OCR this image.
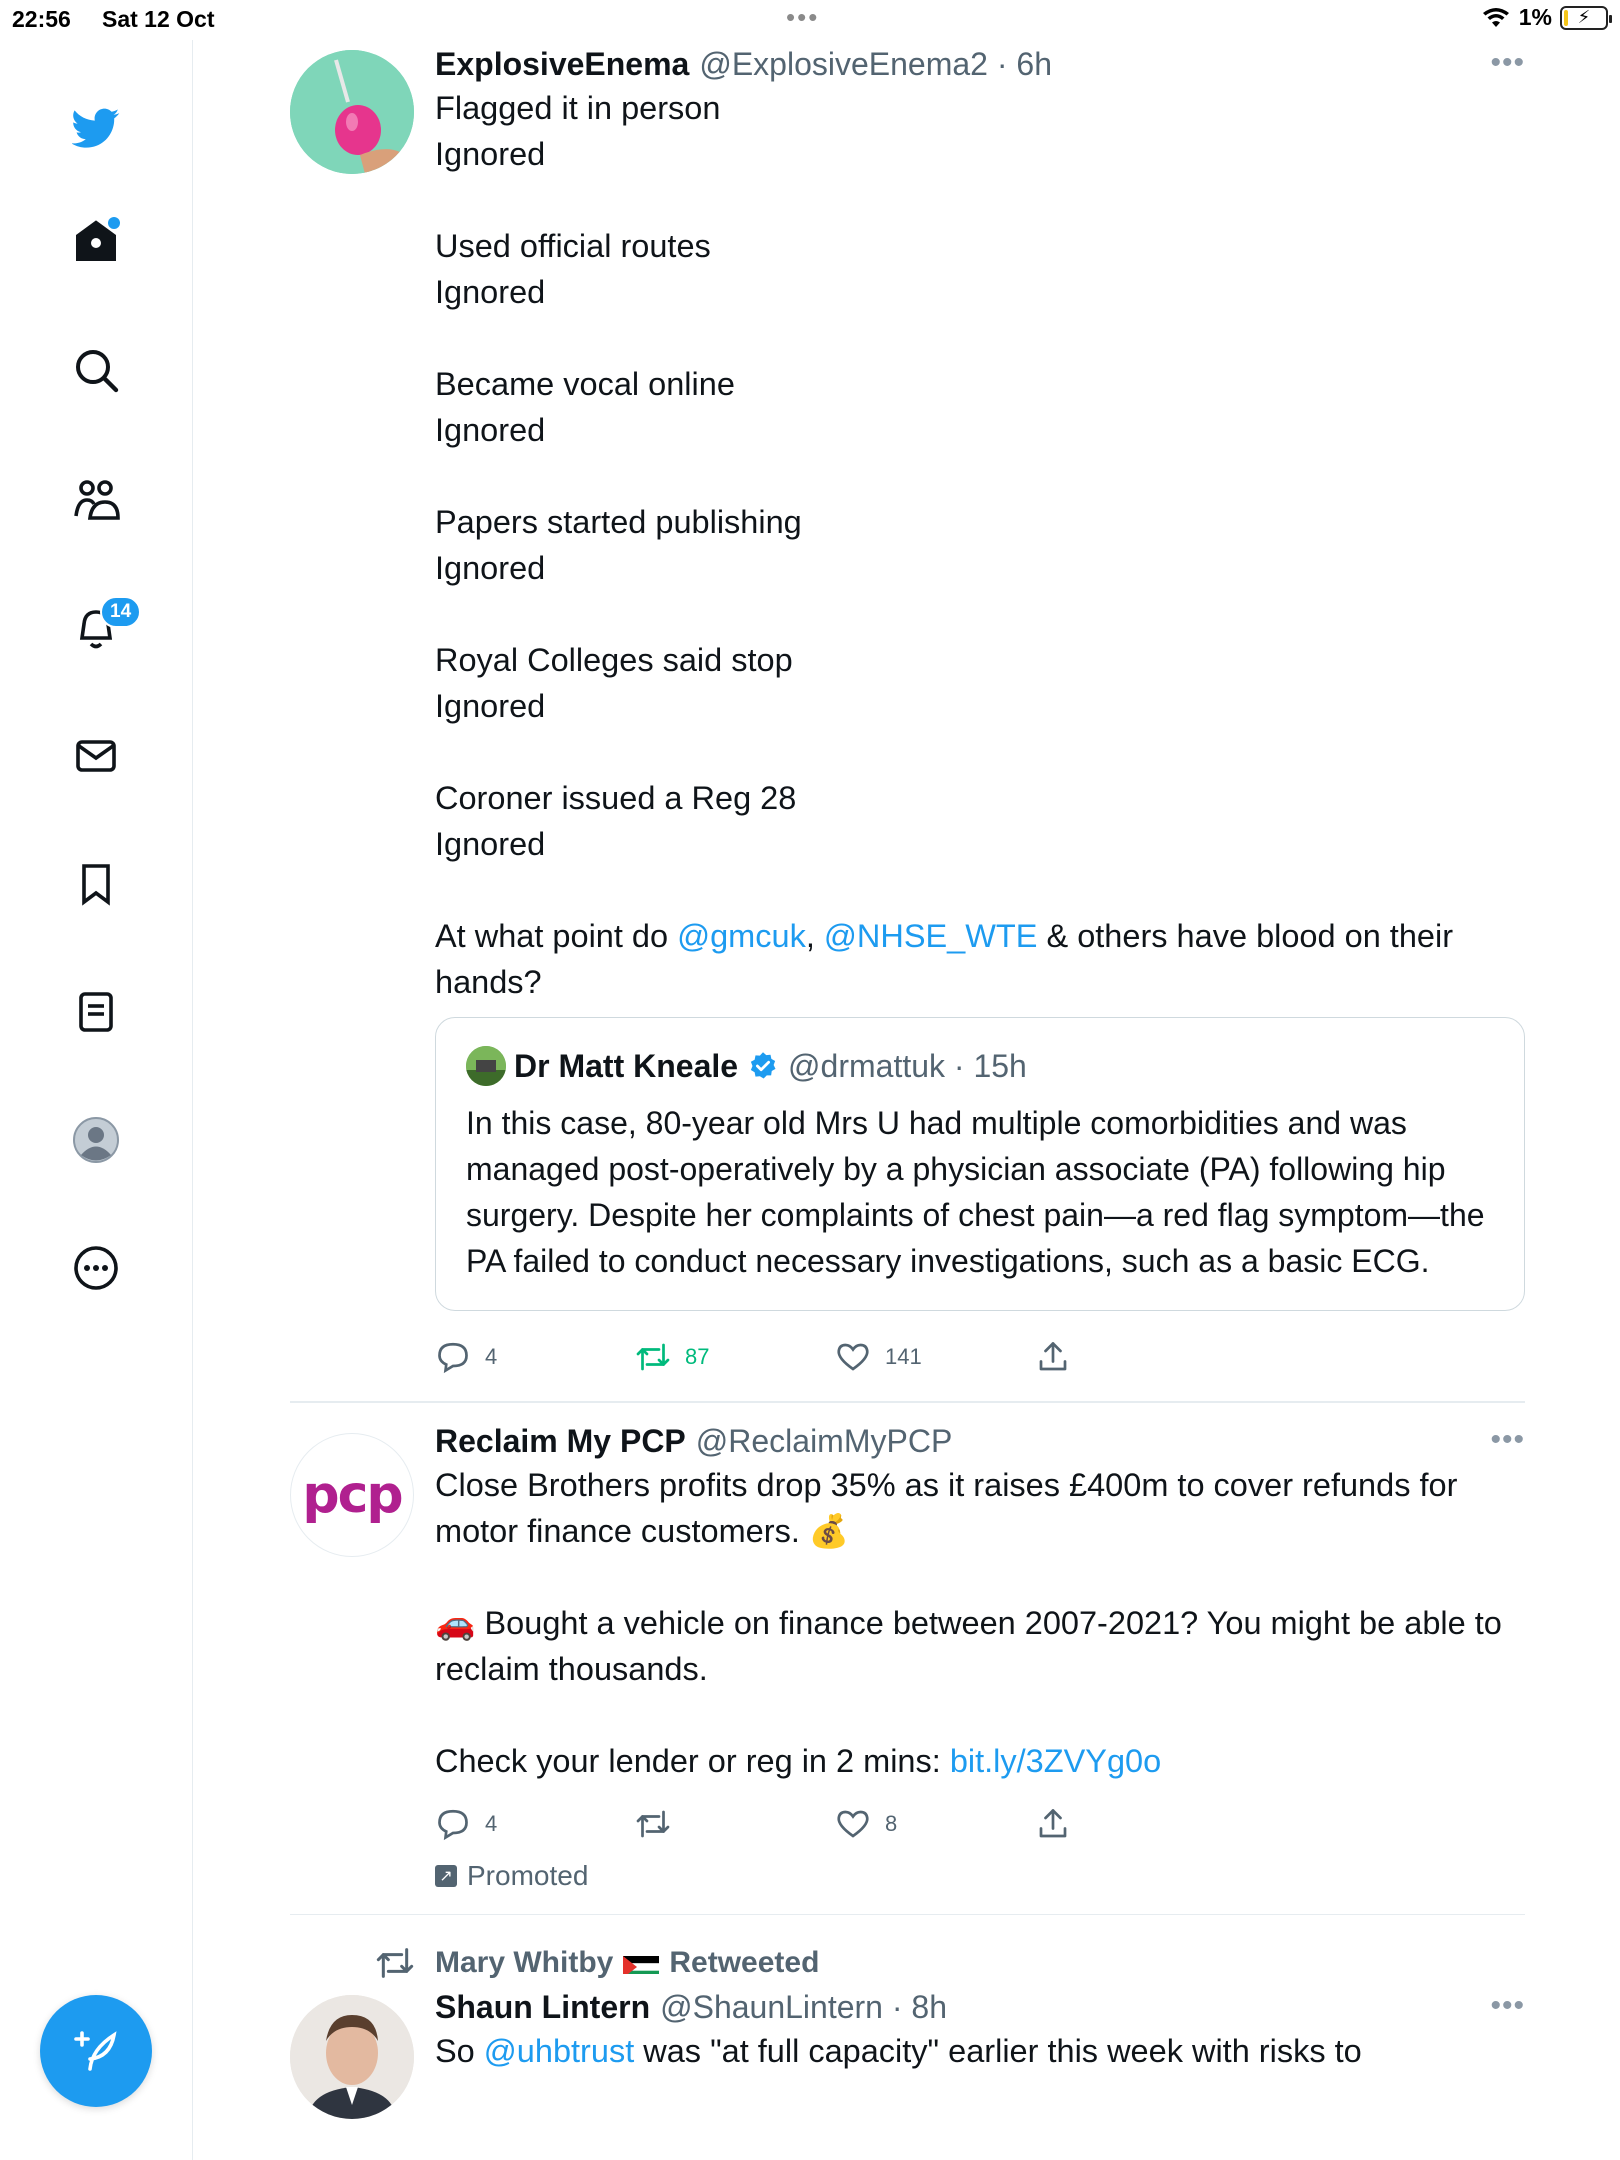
22:56 Sat 12 Oct	•••	1% ⚡
14
ExplosiveEnema @ExplosiveEnema2 · 6h	•••
Flagged it in person
Ignored
Used official routes
Ignored
Became vocal online
Ignored
Papers started publishing
Ignored
Royal Colleges said stop
Ignored
Coroner issued a Reg 28
Ignored
At what point do @gmcuk, @NHSE_WTE & others have blood on their hands?
Dr Matt Kneale @drmattuk · 15h
In this case, 80-year old Mrs U had multiple comorbidities and was managed post-operatively by a physician associate (PA) following hip surgery. Despite her complaints of chest pain—a red flag symptom—the PA failed to conduct necessary investigations, such as a basic ECG.
4	87	141
pcp
Reclaim My PCP @ReclaimMyPCP	•••
Close Brothers profits drop 35% as it raises £400m to cover refunds for motor finance customers. 💰
🚗 Bought a vehicle on finance between 2007-2021? You might be able to reclaim thousands.
Check your lender or reg in 2 mins: bit.ly/3ZVYg0o
4	8
↗ Promoted
Mary Whitby Retweeted
Shaun Lintern @ShaunLintern · 8h	•••
So @uhbtrust was "at full capacity" earlier this week with risks to
